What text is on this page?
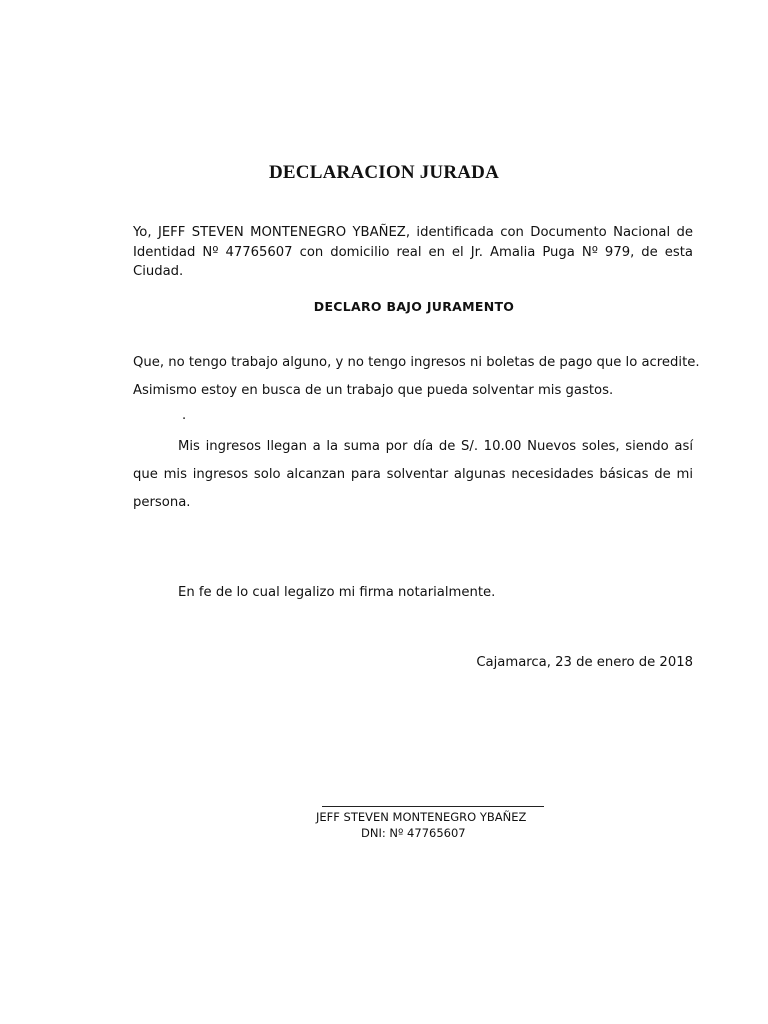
DECLARACION JURADA
Yo, JEFF STEVEN MONTENEGRO YBAÑEZ, identificada con Documento Nacional de Identidad Nº 47765607 con domicilio real en el Jr. Amalia Puga Nº 979, de esta Ciudad.
DECLARO BAJO JURAMENTO
Que, no tengo trabajo alguno, y no tengo ingresos ni boletas de pago que lo acredite.
Asimismo estoy en busca de un trabajo que pueda solventar mis gastos.
.
Mis ingresos llegan a la suma por día de S/. 10.00 Nuevos soles, siendo así
que mis ingresos solo alcanzan para solventar algunas necesidades básicas de mi
persona.
En fe de lo cual legalizo mi firma notarialmente.
Cajamarca, 23 de enero de 2018
JEFF STEVEN MONTENEGRO YBAÑEZ
DNI: Nº 47765607
